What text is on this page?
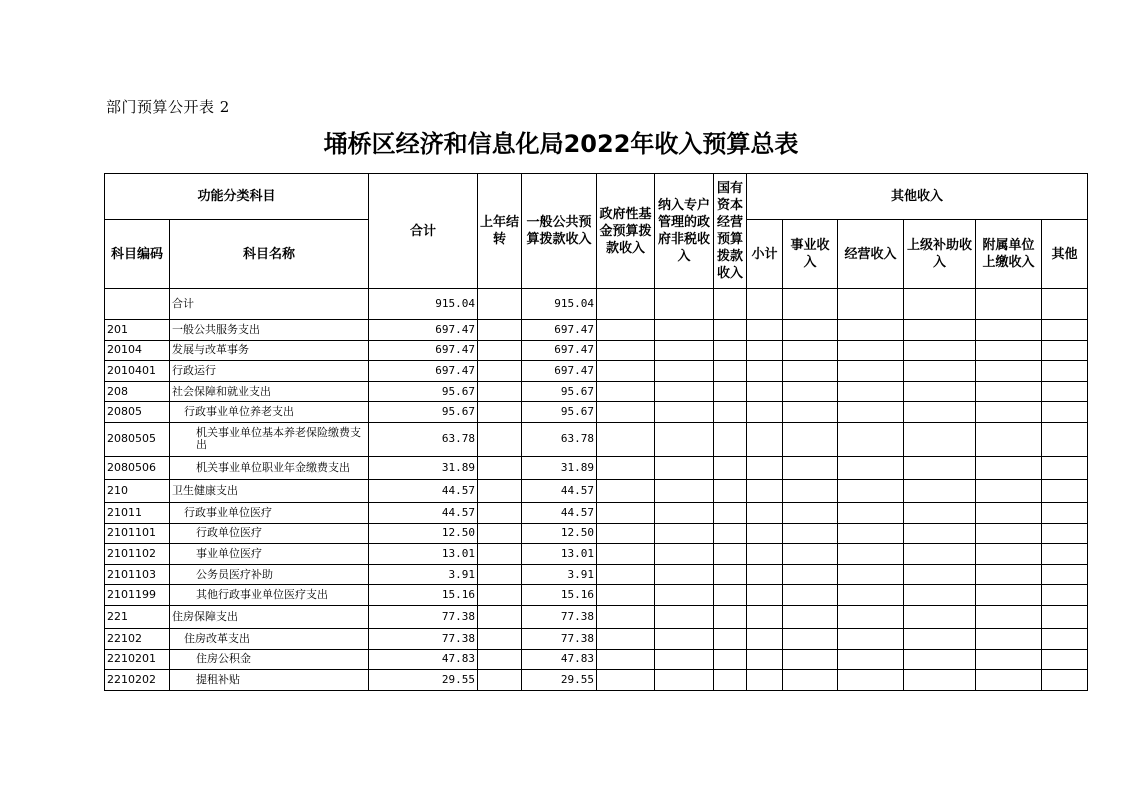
部门预算公开表 2
埇桥区经济和信息化局2022年收入预算总表
功能分类科目		合计	上年结转	一般公共预算拨款收入	政府性基金预算拨款收入	纳入专户管理的政府非税收入	国有资本经营预算拨款收入	其他收入					
科目编码	科目名称							小计	事业收入	经营收入	上级补助收入	附属单位上缴收入	其他
	合计	915.04		915.04									
201	一般公共服务支出	697.47		697.47									
20104	发展与改革事务	697.47		697.47									
2010401	行政运行	697.47		697.47									
208	社会保障和就业支出	95.67		95.67									
20805	行政事业单位养老支出	95.67		95.67									
2080505	机关事业单位基本养老保险缴费支出	63.78		63.78									
2080506	机关事业单位职业年金缴费支出	31.89		31.89									
210	卫生健康支出	44.57		44.57									
21011	行政事业单位医疗	44.57		44.57									
2101101	行政单位医疗	12.50		12.50									
2101102	事业单位医疗	13.01		13.01									
2101103	公务员医疗补助	3.91		3.91									
2101199	其他行政事业单位医疗支出	15.16		15.16									
221	住房保障支出	77.38		77.38									
22102	住房改革支出	77.38		77.38									
2210201	住房公积金	47.83		47.83									
2210202	提租补贴	29.55		29.55									
